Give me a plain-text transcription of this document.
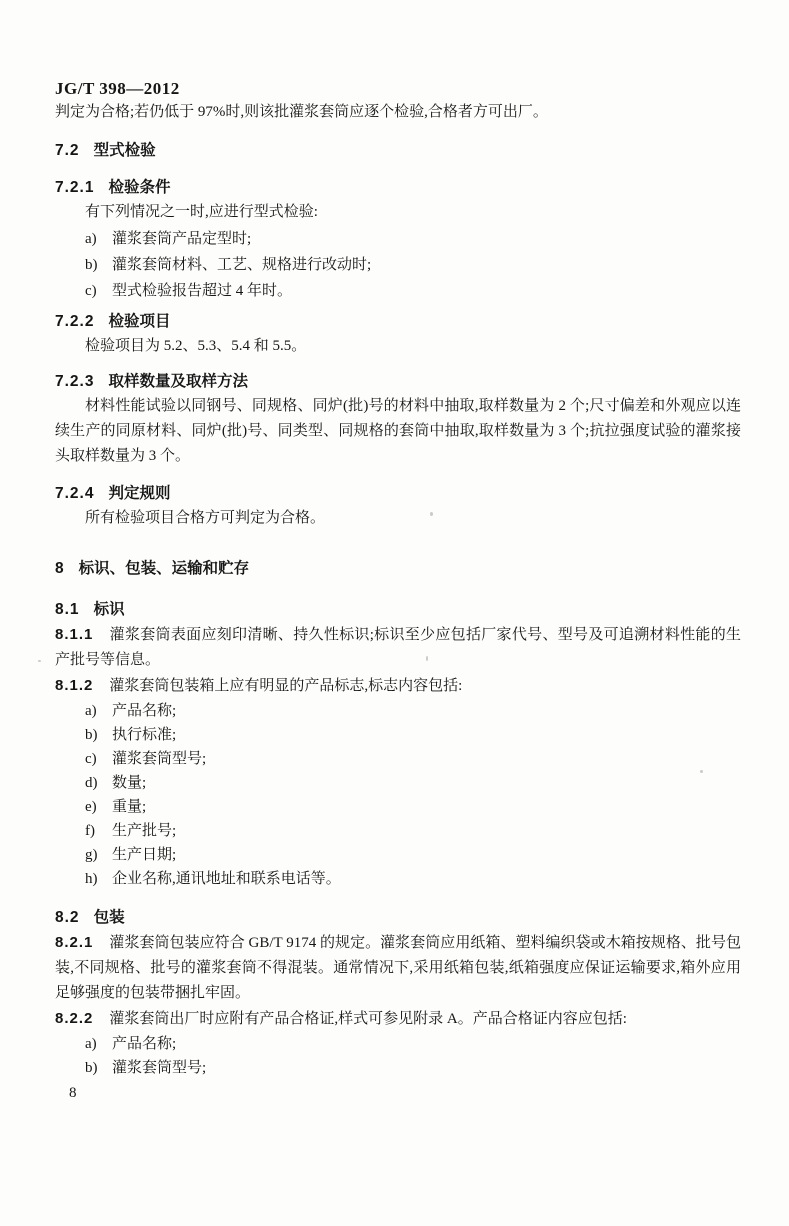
JG/T 398—2012

判定为合格;若仍低于 97%时,则该批灌浆套筒应逐个检验,合格者方可出厂。

7.2 型式检验
7.2.1 检验条件

有下列情况之一时,应进行型式检验:

a) 灌浆套筒产品定型时;
b) 灌浆套筒材料、工艺、规格进行改动时;
c) 型式检验报告超过 4 年时。
7.2.2 检验项目

检验项目为 5.2、5.3、5.4 和 5.5。

7.2.3 取样数量及取样方法

材料性能试验以同钢号、同规格、同炉(批)号的材料中抽取,取样数量为 2 个;尺寸偏差和外观应以连续生产的同原材料、同炉(批)号、同类型、同规格的套筒中抽取,取样数量为 3 个;抗拉强度试验的灌浆接头取样数量为 3 个。

7.2.4 判定规则

所有检验项目合格方可判定为合格。

8 标识、包装、运输和贮存
8.1 标识

8.1.1 灌浆套筒表面应刻印清晰、持久性标识;标识至少应包括厂家代号、型号及可追溯材料性能的生产批号等信息。

8.1.2 灌浆套筒包装箱上应有明显的产品标志,标志内容包括:

a) 产品名称;
b) 执行标准;
c) 灌浆套筒型号;
d) 数量;
e) 重量;
f) 生产批号;
g) 生产日期;
h) 企业名称,通讯地址和联系电话等。
8.2 包装

8.2.1 灌浆套筒包装应符合 GB/T 9174 的规定。灌浆套筒应用纸箱、塑料编织袋或木箱按规格、批号包装,不同规格、批号的灌浆套筒不得混装。通常情况下,采用纸箱包装,纸箱强度应保证运输要求,箱外应用足够强度的包装带捆扎牢固。

8.2.2 灌浆套筒出厂时应附有产品合格证,样式可参见附录 A。产品合格证内容应包括:

a) 产品名称;
b) 灌浆套筒型号;
8
